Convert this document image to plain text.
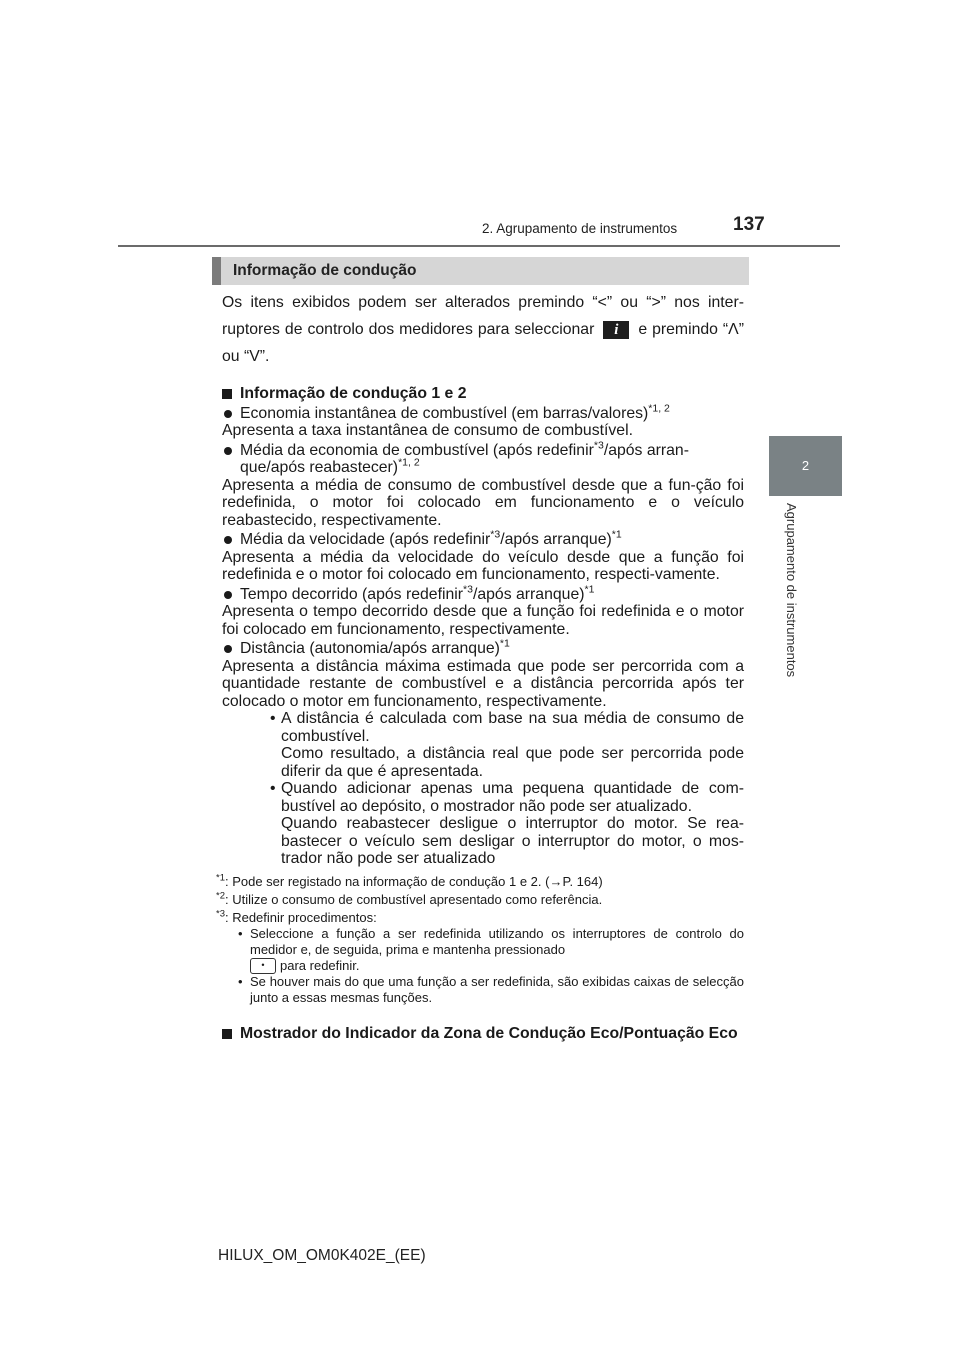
2. Agrupamento de instrumentos	137
2
Agrupamento de instrumentos
Informação de condução

Os itens exibidos podem ser alterados premindo “<” ou “>” nos inter-ruptores de controlo dos medidores para seleccionar i e premindo “Λ” ou “V”.

Informação de condução 1 e 2
Economia instantânea de combustível (em barras/valores)$^{*1, 2}$

Apresenta a taxa instantânea de consumo de combustível.

Média da economia de combustível (após redefinir$^{*3}$/após arran-que/após reabastecer)$^{*1, 2}$

Apresenta a média de consumo de combustível desde que a fun-ção foi redefinida, o motor foi colocado em funcionamento e o veículo reabastecido, respectivamente.

Média da velocidade (após redefinir$^{*3}$/após arranque)$^{*1}$

Apresenta a média da velocidade do veículo desde que a função foi redefinida e o motor foi colocado em funcionamento, respecti-vamente.

Tempo decorrido (após redefinir$^{*3}$/após arranque)$^{*1}$

Apresenta o tempo decorrido desde que a função foi redefinida e o motor foi colocado em funcionamento, respectivamente.

Distância (autonomia/após arranque)$^{*1}$

Apresenta a distância máxima estimada que pode ser percorrida com a quantidade restante de combustível e a distância percorrida após ter colocado o motor em funcionamento, respectivamente.

• A distância é calculada com base na sua média de consumo de combustível.
Como resultado, a distância real que pode ser percorrida pode diferir da que é apresentada.
• Quando adicionar apenas uma pequena quantidade de com-bustível ao depósito, o mostrador não pode ser atualizado.
Quando reabastecer desligue o interruptor do motor. Se rea-bastecer o veículo sem desligar o interruptor do motor, o mos-trador não pode ser atualizado
$^{*1}$: Pode ser registado na informação de condução 1 e 2. (→P. 164)
$^{*2}$: Utilize o consumo de combustível apresentado como referência.
$^{*3}$: Redefinir procedimentos:
• Seleccione a função a ser redefinida utilizando os interruptores de controlo do medidor e, de seguida, prima e mantenha pressionado
• para redefinir.
• Se houver mais do que uma função a ser redefinida, são exibidas caixas de selecção junto a essas mesmas funções.
Mostrador do Indicador da Zona de Condução Eco/Pontuação Eco
HILUX_OM_OM0K402E_(EE)
